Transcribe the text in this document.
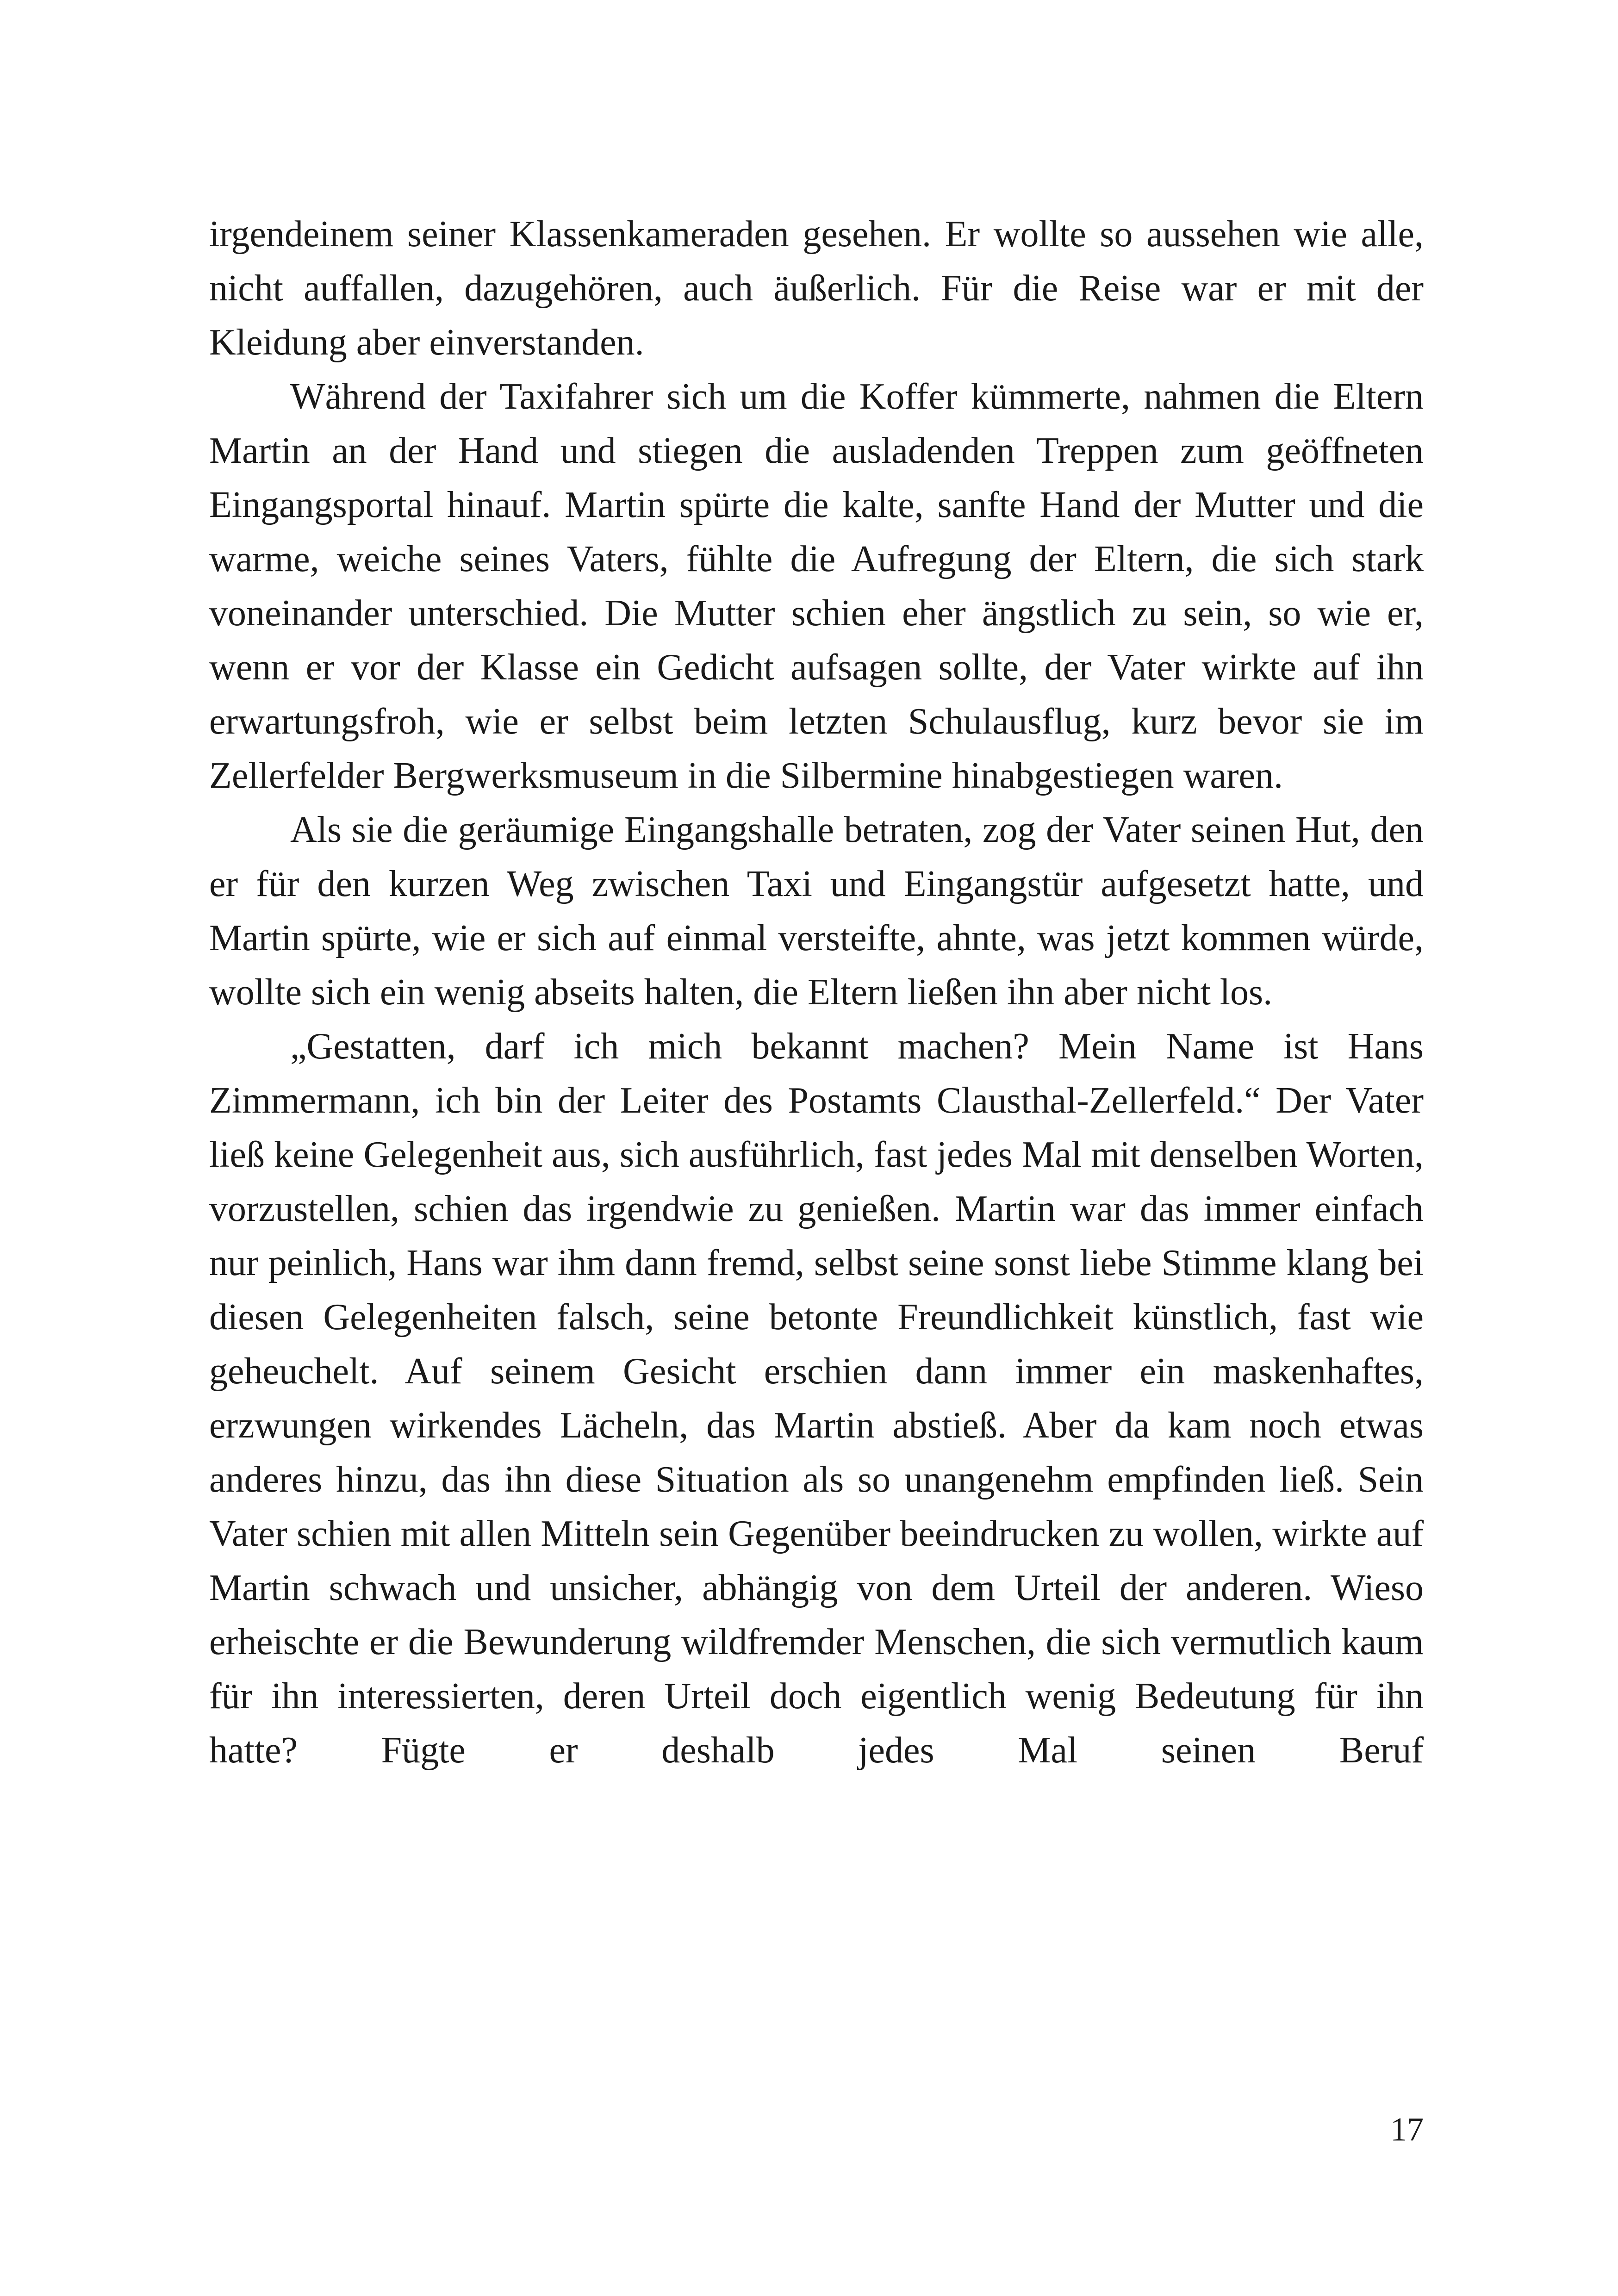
irgendeinem seiner Klassenkameraden gesehen. Er wollte so aussehen wie alle, nicht auffallen, dazugehören, auch äußerlich. Für die Reise war er mit der Kleidung aber einverstanden.

Während der Taxifahrer sich um die Koffer kümmerte, nahmen die Eltern Martin an der Hand und stiegen die ausladenden Treppen zum geöffneten Eingangsportal hinauf. Martin spürte die kalte, sanfte Hand der Mutter und die warme, weiche seines Vaters, fühlte die Aufregung der Eltern, die sich stark voneinander unterschied. Die Mutter schien eher ängstlich zu sein, so wie er, wenn er vor der Klasse ein Gedicht aufsagen sollte, der Vater wirkte auf ihn erwartungsfroh, wie er selbst beim letzten Schulausflug, kurz bevor sie im Zellerfelder Bergwerksmuseum in die Silbermine hinabgestiegen waren.

Als sie die geräumige Eingangshalle betraten, zog der Vater seinen Hut, den er für den kurzen Weg zwischen Taxi und Eingangstür aufgesetzt hatte, und Martin spürte, wie er sich auf einmal versteifte, ahnte, was jetzt kommen würde, wollte sich ein wenig abseits halten, die Eltern ließen ihn aber nicht los.

„Gestatten, darf ich mich bekannt machen? Mein Name ist Hans Zimmermann, ich bin der Leiter des Postamts Clausthal-Zellerfeld.“ Der Vater ließ keine Gelegenheit aus, sich ausführlich, fast jedes Mal mit denselben Worten, vorzustellen, schien das irgendwie zu genießen. Martin war das immer einfach nur peinlich, Hans war ihm dann fremd, selbst seine sonst liebe Stimme klang bei diesen Gelegenheiten falsch, seine betonte Freundlichkeit künstlich, fast wie geheuchelt. Auf seinem Gesicht erschien dann immer ein maskenhaftes, erzwungen wirkendes Lächeln, das Martin abstieß. Aber da kam noch etwas anderes hinzu, das ihn diese Situation als so unangenehm empfinden ließ. Sein Vater schien mit allen Mitteln sein Gegenüber beeindrucken zu wollen, wirkte auf Martin schwach und unsicher, abhängig von dem Urteil der anderen. Wieso erheischte er die Bewunderung wildfremder Menschen, die sich vermutlich kaum für ihn interessierten, deren Urteil doch eigentlich wenig Bedeutung für ihn hatte? Fügte er deshalb jedes Mal seinen Beruf

17
